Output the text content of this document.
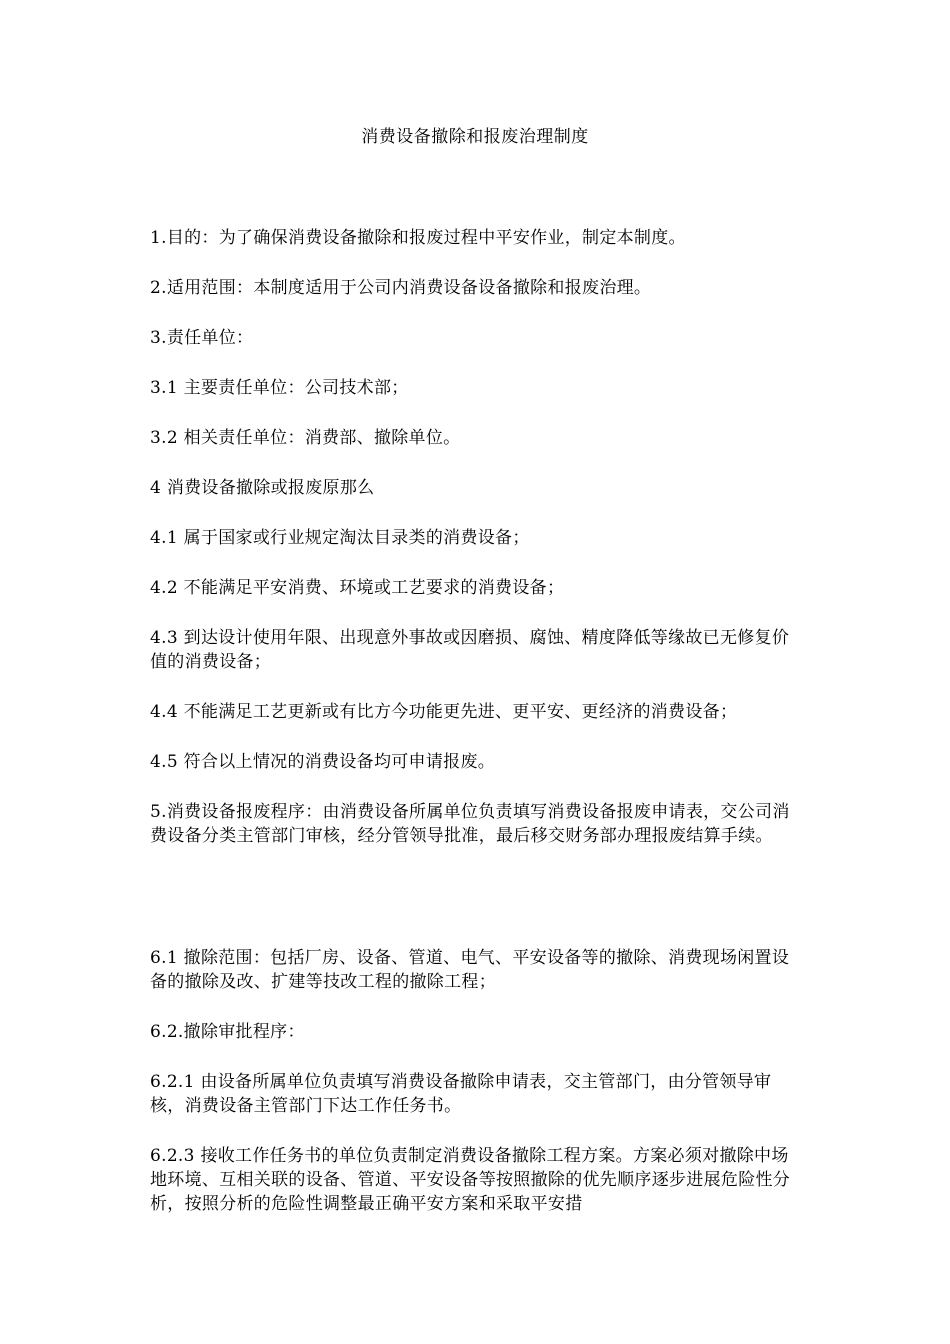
消费设备撤除和报废治理制度

1.目的：为了确保消费设备撤除和报废过程中平安作业，制定本制度。

2.适用范围：本制度适用于公司内消费设备设备撤除和报废治理。

3.责任单位：

3.1 主要责任单位：公司技术部；

3.2 相关责任单位：消费部、撤除单位。

4 消费设备撤除或报废原那么

4.1 属于国家或行业规定淘汰目录类的消费设备；

4.2 不能满足平安消费、环境或工艺要求的消费设备；

4.3 到达设计使用年限、出现意外事故或因磨损、腐蚀、精度降低等缘故已无修复价值的消费设备；

4.4 不能满足工艺更新或有比方今功能更先进、更平安、更经济的消费设备；

4.5 符合以上情况的消费设备均可申请报废。

5.消费设备报废程序：由消费设备所属单位负责填写消费设备报废申请表，交公司消费设备分类主管部门审核，经分管领导批准，最后移交财务部办理报废结算手续。

6.1 撤除范围：包括厂房、设备、管道、电气、平安设备等的撤除、消费现场闲置设备的撤除及改、扩建等技改工程的撤除工程；

6.2.撤除审批程序：

6.2.1 由设备所属单位负责填写消费设备撤除申请表，交主管部门，由分管领导审核，消费设备主管部门下达工作任务书。

6.2.3 接收工作任务书的单位负责制定消费设备撤除工程方案。方案必须对撤除中场地环境、互相关联的设备、管道、平安设备等按照撤除的优先顺序逐步进展危险性分析，按照分析的危险性调整最正确平安方案和采取平安措
